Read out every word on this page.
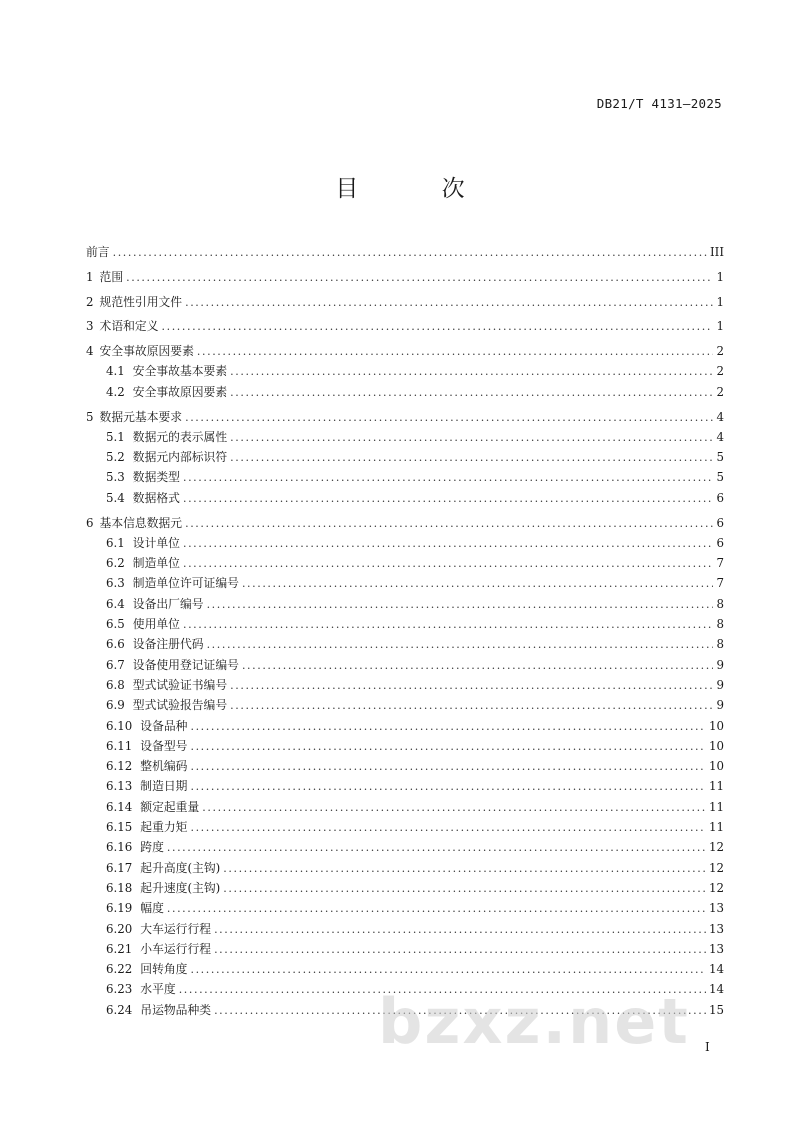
DB21/T 4131—2025
目 次
前言 .....	III
1 范围 .....	1
2 规范性引用文件 .....	1
3 术语和定义 .....	1
4 安全事故原因要素 .....	2
4.1 安全事故基本要素 .....	2
4.2 安全事故原因要素 .....	2
5 数据元基本要求 .....	4
5.1 数据元的表示属性 .....	4
5.2 数据元内部标识符 .....	5
5.3 数据类型 .....	5
5.4 数据格式 .....	6
6 基本信息数据元 .....	6
6.1 设计单位 .....	6
6.2 制造单位 .....	7
6.3 制造单位许可证编号 .....	7
6.4 设备出厂编号 .....	8
6.5 使用单位 .....	8
6.6 设备注册代码 .....	8
6.7 设备使用登记证编号 .....	9
6.8 型式试验证书编号 .....	9
6.9 型式试验报告编号 .....	9
6.10 设备品种 .....	10
6.11 设备型号 .....	10
6.12 整机编码 .....	10
6.13 制造日期 .....	11
6.14 额定起重量 .....	11
6.15 起重力矩 .....	11
6.16 跨度 .....	12
6.17 起升高度(主钩) .....	12
6.18 起升速度(主钩) .....	12
6.19 幅度 .....	13
6.20 大车运行行程 .....	13
6.21 小车运行行程 .....	13
6.22 回转角度 .....	14
6.23 水平度 .....	14
6.24 吊运物品种类 .....	15
I
bzxz.net
